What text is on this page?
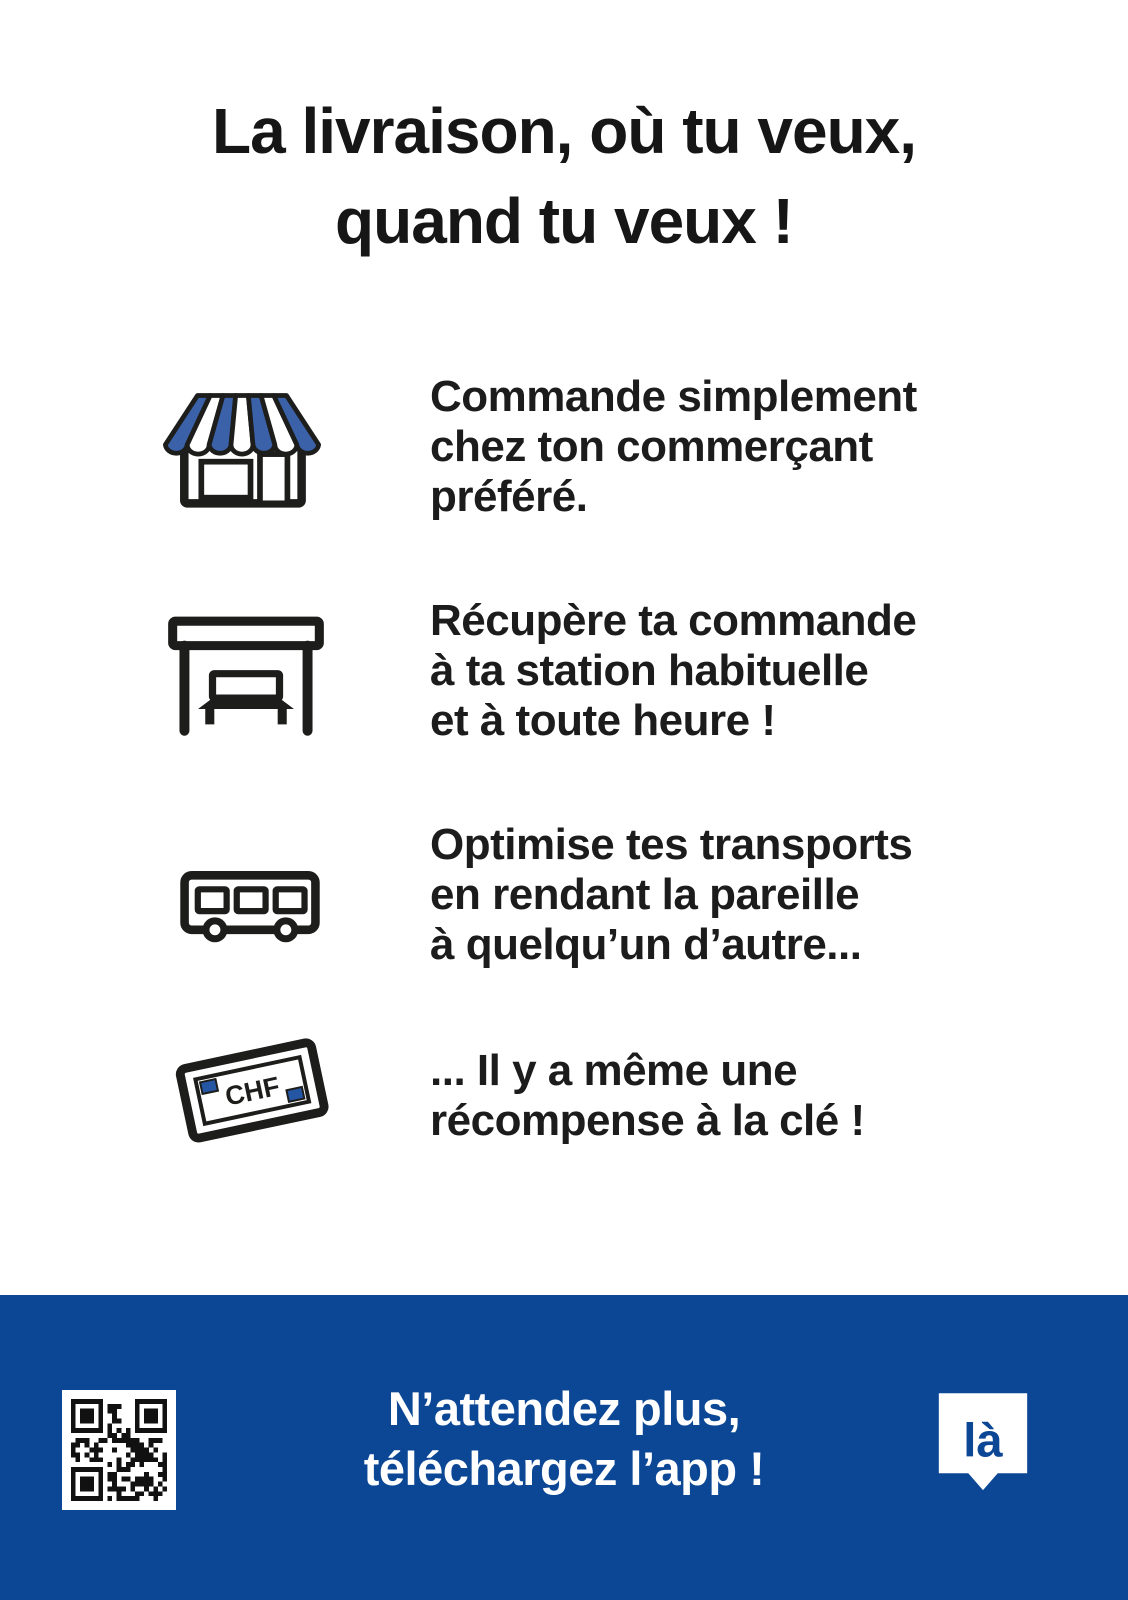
La livraison, où tu veux,
quand tu veux !
Commande simplement
chez ton commerçant
préféré.
Récupère ta commande
à ta station habituelle
et à toute heure !
Optimise tes transports
en rendant la pareille
à quelqu’un d’autre...
CHF	... Il y a même une
récompense à la clé !
N’attendez plus,
téléchargez l’app !
là
